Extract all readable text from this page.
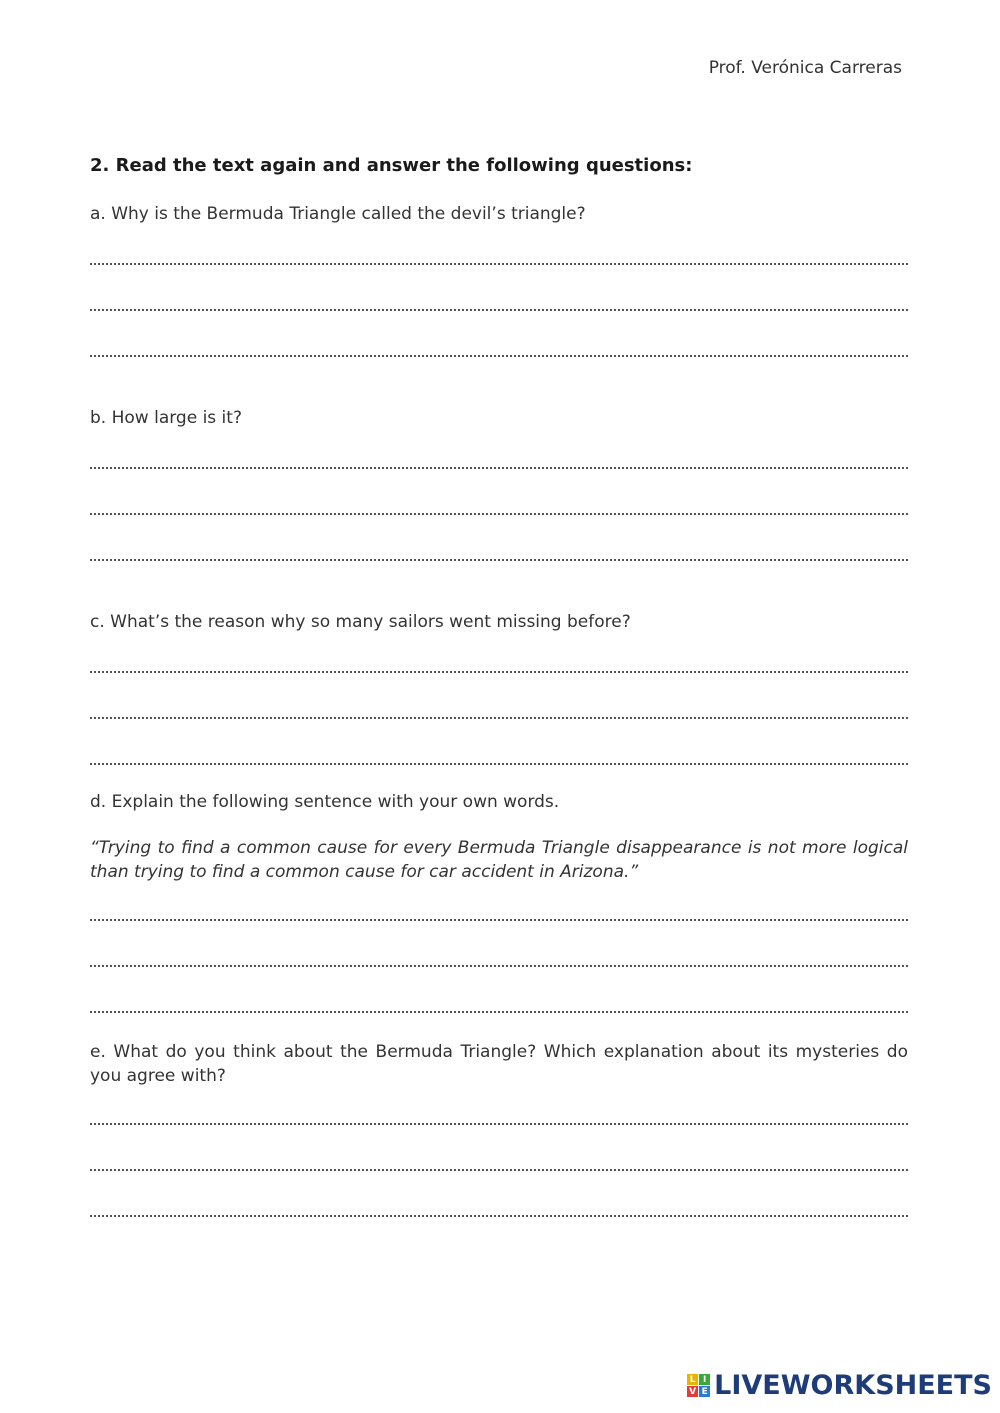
Prof. Verónica Carreras
2. Read the text again and answer the following questions:
a. Why is the Bermuda Triangle called the devil’s triangle?
b. How large is it?
c. What’s the reason why so many sailors went missing before?
d. Explain the following sentence with your own words.
“Trying to find a common cause for every Bermuda Triangle disappearance is not more logical than trying to find a common cause for car accident in Arizona.”
e. What do you think about the Bermuda Triangle? Which explanation about its mysteries do you agree with?
L I
V E LIVEWORKSHEETS
